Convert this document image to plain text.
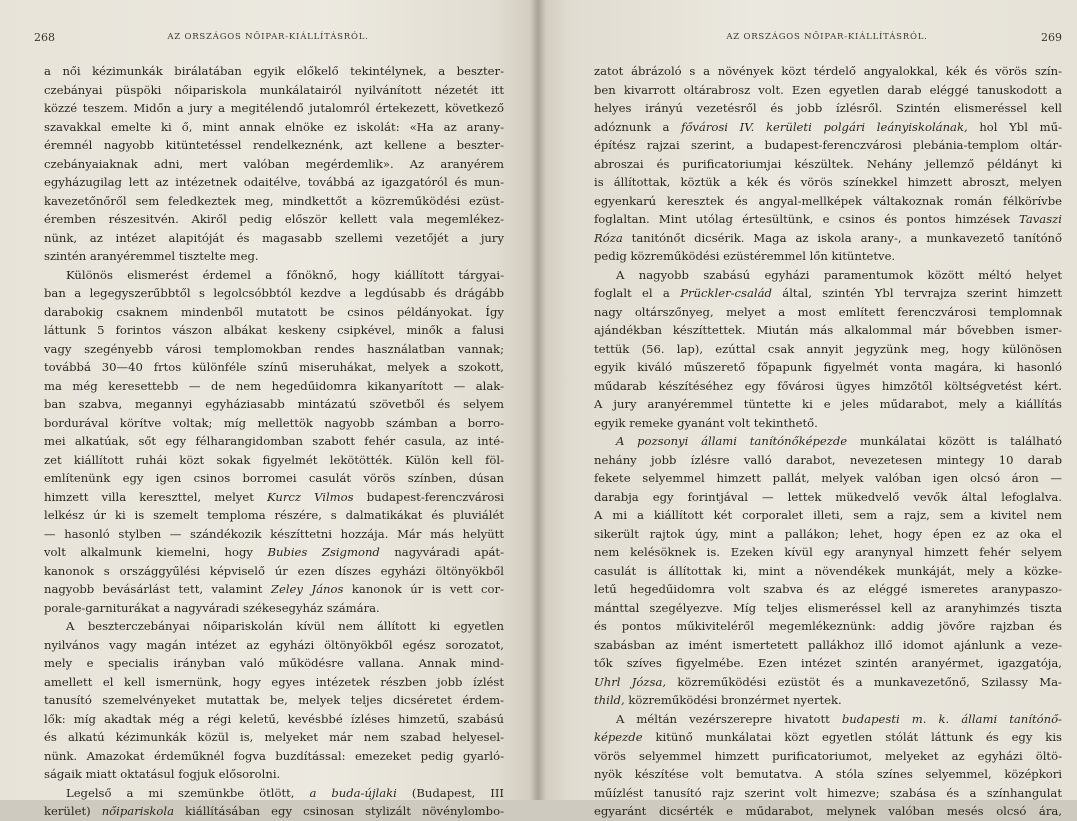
268	AZ ORSZÁGOS NŐIPAR-KIÁLLÍTÁSRÓL.
a női kézimunkák birálatában egyik előkelő tekintélynek, a beszter-
czebányai püspöki nőipariskola munkálatairól nyilvánított nézetét itt
közzé teszem. Midőn a jury a megitélendő jutalomról értekezett, következő
szavakkal emelte ki ő, mint annak elnöke ez iskolát: «Ha az arany-
éremnél nagyobb kitüntetéssel rendelkeznénk, azt kellene a beszter-
czebányaiaknak adni, mert valóban megérdemlik». Az aranyérem
egyházugilag lett az intézetnek odaitélve, továbbá az igazgatóról és mun-
kavezetőnőről sem feledkeztek meg, mindkettőt a közreműködési ezüst-
éremben részesitvén. Akiről pedig először kellett vala megemlékez-
nünk, az intézet alapitóját és magasabb szellemi vezetőjét a jury
szintén aranyéremmel tisztelte meg.
Különös elismerést érdemel a főnöknő, hogy kiállított tárgyai-
ban a legegyszerűbbtől s legolcsóbbtól kezdve a legdúsabb és drágább
darabokig csaknem mindenből mutatott be csinos példányokat. Így
láttunk 5 forintos vászon albákat keskeny csipkével, minők a falusi
vagy szegényebb városi templomokban rendes használatban vannak;
továbbá 30—40 frtos különféle színű miseruhákat, melyek a szokott,
ma még keresettebb — de nem hegedűidomra kikanyarított — alak-
ban szabva, megannyi egyháziasabb mintázatú szövetből és selyem
bordurával körítve voltak; míg mellettök nagyobb számban a borro-
mei alkatúak, sőt egy félharangidomban szabott fehér casula, az inté-
zet kiállított ruhái közt sokak figyelmét lekötötték. Külön kell föl-
említenünk egy igen csinos borromei casulát vörös színben, dúsan
himzett villa kereszttel, melyet Kurcz Vilmos budapest-ferenczvárosi
lelkész úr ki is szemelt temploma részére, s dalmatikákat és pluviálét
— hasonló stylben — szándékozik készíttetni hozzája. Már más helyütt
volt alkalmunk kiemelni, hogy Bubies Zsigmond nagyváradi apát-
kanonok s országgyűlési képviselő úr ezen díszes egyházi öltönyökből
nagyobb bevásárlást tett, valamint Zeley János kanonok úr is vett cor-
porale-garniturákat a nagyváradi székesegyház számára.
A beszterczebányai nőipariskolán kívül nem állított ki egyetlen
nyilvános vagy magán intézet az egyházi öltönyökből egész sorozatot,
mely e specialis irányban való működésre vallana. Annak mind-
amellett el kell ismernünk, hogy egyes intézetek részben jobb ízlést
tanusító szemelvényeket mutattak be, melyek teljes dicséretet érdem-
lők: míg akadtak még a régi keletű, kevésbbé ízléses himzetű, szabású
és alkatú kézimunkák közül is, melyeket már nem szabad helyesel-
nünk. Amazokat érdeműknél fogva buzdítással: emezeket pedig gyarló-
ságaik miatt oktatásul fogjuk elősorolni.
Legelső a mi szemünkbe ötlött, a buda-újlaki (Budapest, III
kerület) nőipariskola kiállításában egy csinosan stylizált növénylombo-
AZ ORSZÁGOS NŐIPAR-KIÁLLÍTÁSRÓL.	269
zatot ábrázoló s a növények közt térdelő angyalokkal, kék és vörös szín-
ben kivarrott oltárabrosz volt. Ezen egyetlen darab eléggé tanuskodott a
helyes irányú vezetésről és jobb ízlésről. Szintén elismeréssel kell
adóznunk a fővárosi IV. kerületi polgári leányiskolának, hol Ybl mű-
építész rajzai szerint, a budapest-ferenczvárosi plebánia-templom oltár-
abroszai és purificatoriumjai készültek. Nehány jellemző példányt ki
is állítottak, köztük a kék és vörös színekkel himzett abroszt, melyen
egyenkarú keresztek és angyal-mellképek váltakoznak román félkörívbe
foglaltan. Mint utólag értesültünk, e csinos és pontos himzések Tavaszi
Róza tanitónőt dicsérik. Maga az iskola arany-, a munkavezető tanítónő
pedig közreműködési ezüstéremmel lőn kitüntetve.
A nagyobb szabású egyházi paramentumok között méltó helyet
foglalt el a Prückler-család által, szintén Ybl tervrajza szerint himzett
nagy oltárszőnyeg, melyet a most említett ferenczvárosi templomnak
ajándékban készíttettek. Miután más alkalommal már bővebben ismer-
tettük (56. lap), ezúttal csak annyit jegyzünk meg, hogy különösen
egyik kiváló műszerető főpapunk figyelmét vonta magára, ki hasonló
műdarab készítéséhez egy fővárosi ügyes himzőtől költségvetést kért.
A jury aranyéremmel tüntette ki e jeles műdarabot, mely a kiállítás
egyik remeke gyanánt volt tekinthető.
A pozsonyi állami tanítónőképezde munkálatai között is található
nehány jobb ízlésre valló darabot, nevezetesen mintegy 10 darab
fekete selyemmel himzett pallát, melyek valóban igen olcsó áron —
darabja egy forintjával — lettek mükedvelő vevők által lefoglalva.
A mi a kiállított két corporalet illeti, sem a rajz, sem a kivitel nem
sikerült rajtok úgy, mint a pallákon; lehet, hogy épen ez az oka el
nem kelésöknek is. Ezeken kívül egy aranynyal himzett fehér selyem
casulát is állítottak ki, mint a növendékek munkáját, mely a közke-
letű hegedűidomra volt szabva és az eléggé ismeretes aranypaszo-
mánttal szegélyezve. Míg teljes elismeréssel kell az aranyhimzés tiszta
és pontos műkiviteléről megemlékeznünk: addig jövőre rajzban és
szabásban az imént ismertetett pallákhoz illő idomot ajánlunk a veze-
tők szíves figyelmébe. Ezen intézet szintén aranyérmet, igazgatója,
Uhrl Józsa, közreműködési ezüstöt és a munkavezetőnő, Szilassy Ma-
thild, közreműködési bronzérmet nyertek.
A méltán vezérszerepre hivatott budapesti m. k. állami tanítónő-
képezde kitünő munkálatai közt egyetlen stólát láttunk és egy kis
vörös selyemmel himzett purificatoriumot, melyeket az egyházi öltö-
nyök készítése volt bemutatva. A stóla színes selyemmel, középkori
műízlést tanusító rajz szerint volt himezve; szabása és a színhangulat
egyaránt dicsérték e műdarabot, melynek valóban mesés olcsó ára,
